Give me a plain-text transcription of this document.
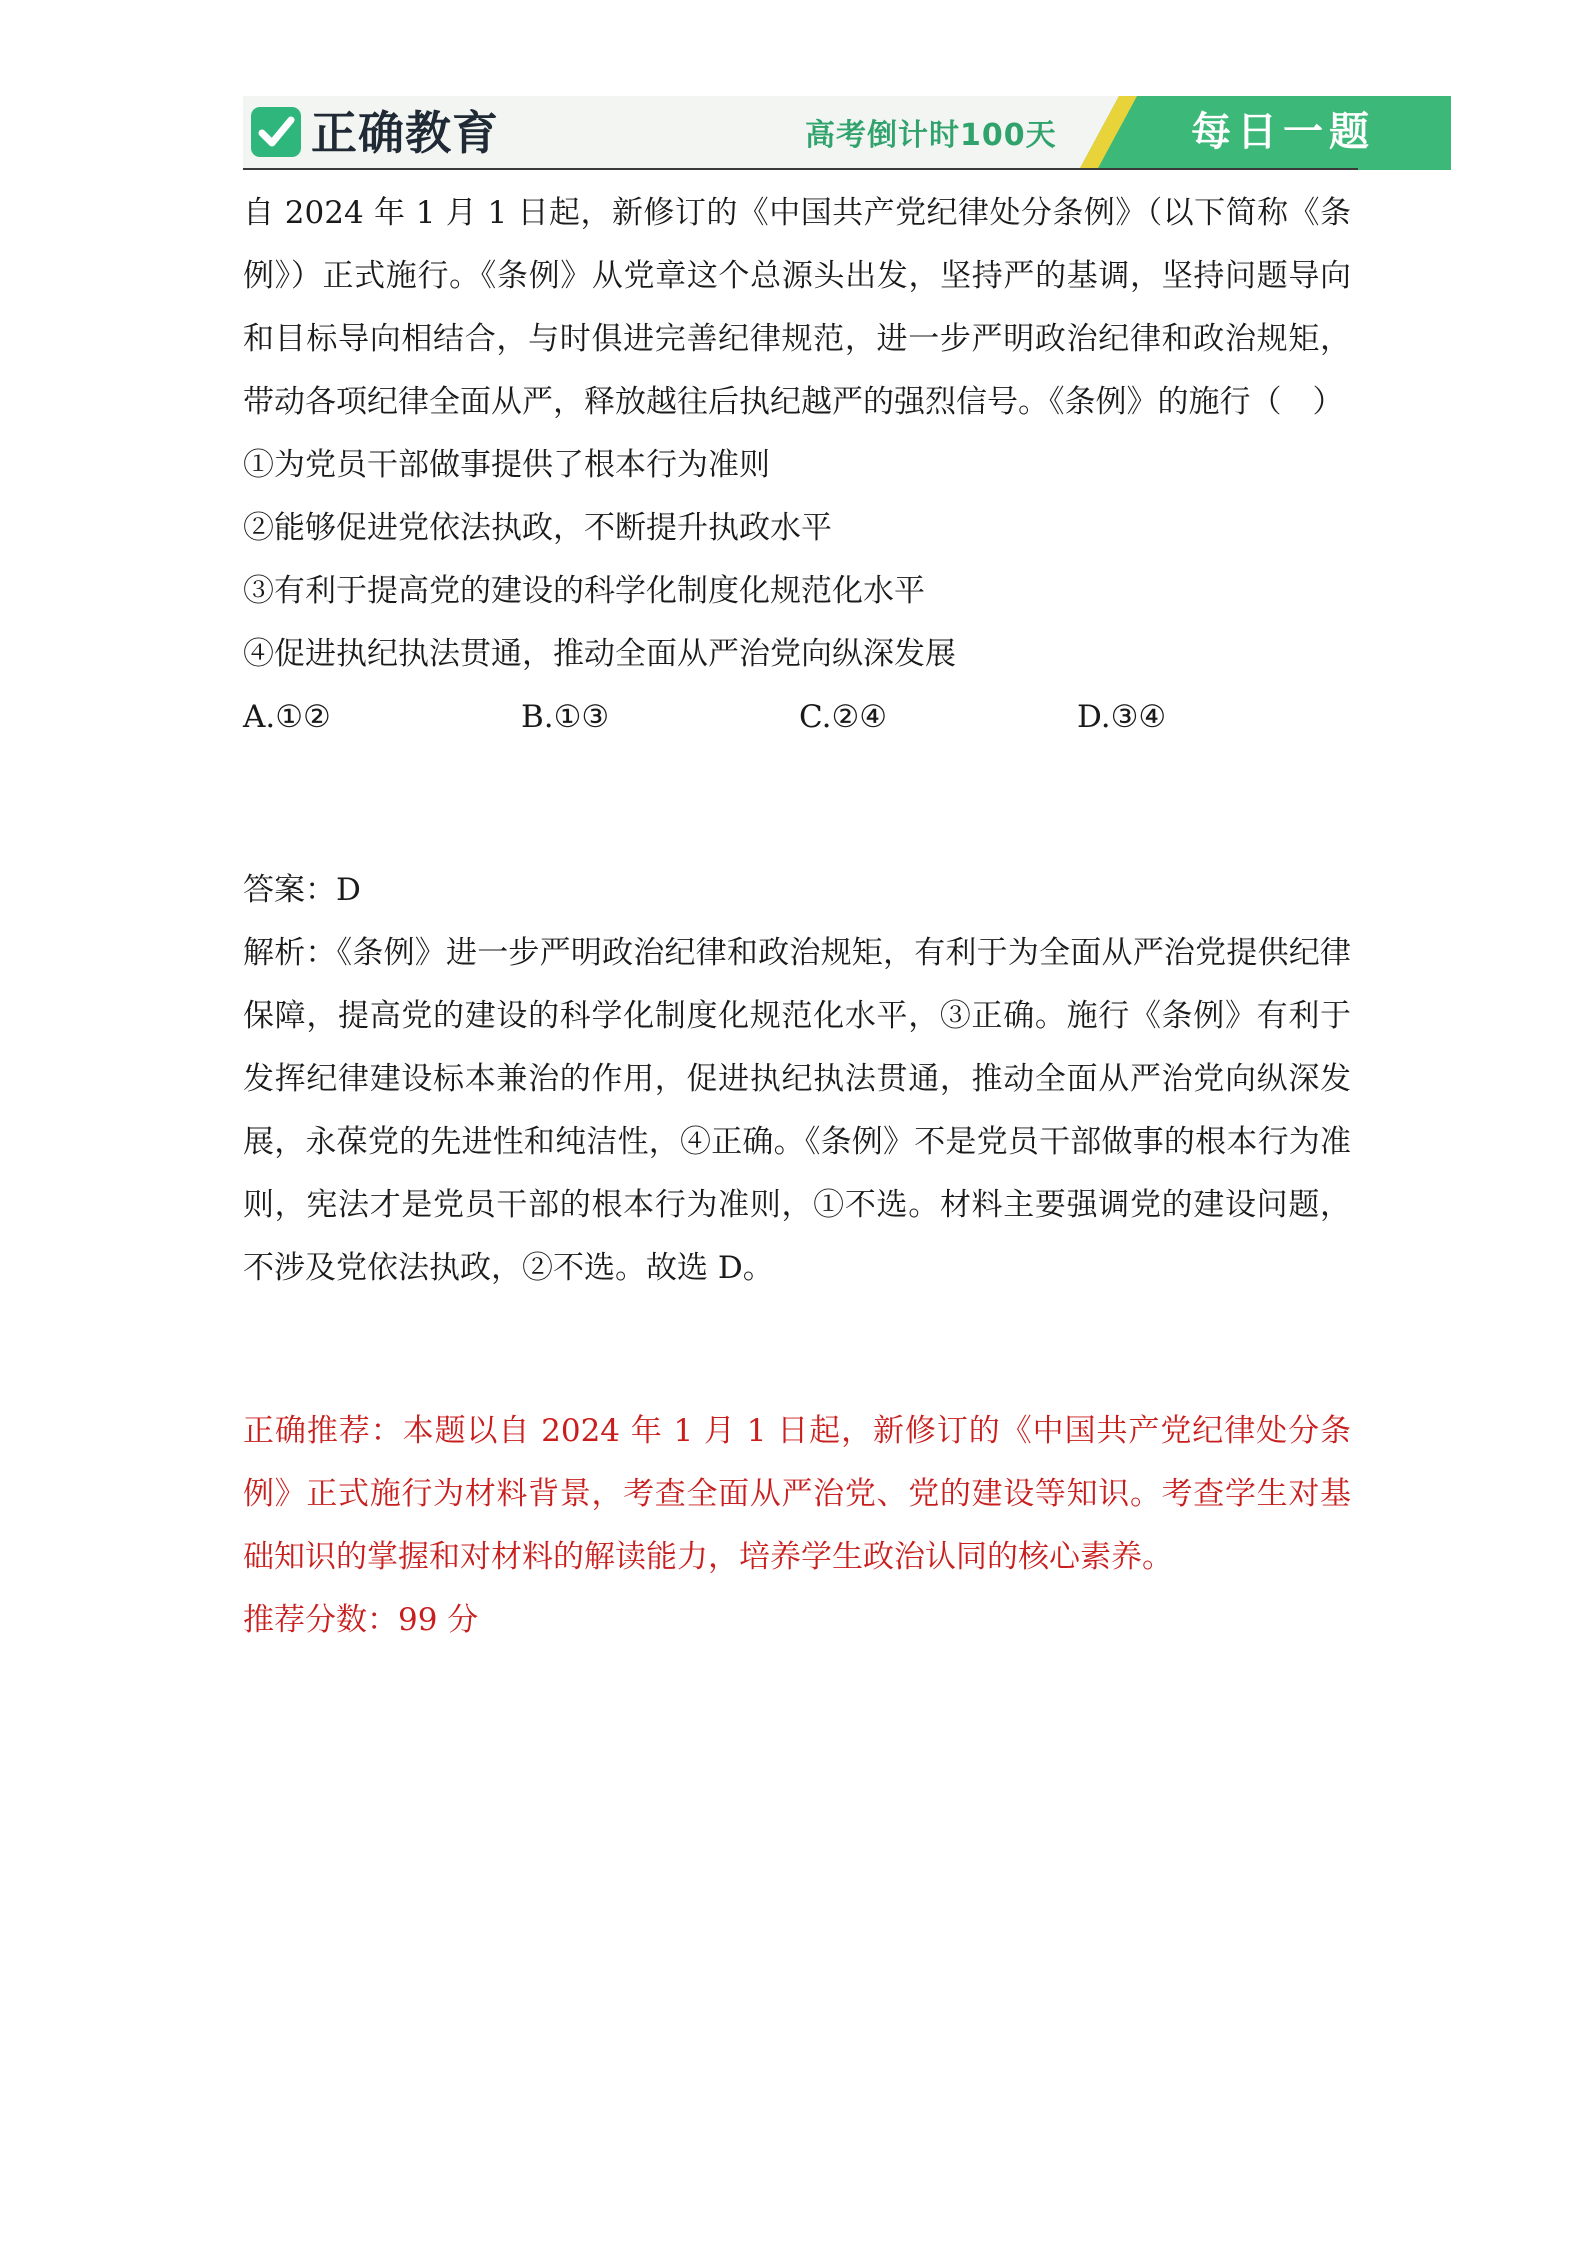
正确教育	高考倒计时100天	每日一题

自 2024 年 1 月 1 日起，新修订的《中国共产党纪律处分条例》（以下简称《条例》）正式施行。《条例》从党章这个总源头出发，坚持严的基调，坚持问题导向和目标导向相结合，与时俱进完善纪律规范，进一步严明政治纪律和政治规矩，带动各项纪律全面从严，释放越往后执纪越严的强烈信号。《条例》的施行（　）

①为党员干部做事提供了根本行为准则

②能够促进党依法执政，不断提升执政水平

③有利于提高党的建设的科学化制度化规范化水平

④促进执纪执法贯通，推动全面从严治党向纵深发展

A.①②	B.①③	C.②④	D.③④

答案：D

解析：《条例》进一步严明政治纪律和政治规矩，有利于为全面从严治党提供纪律保障，提高党的建设的科学化制度化规范化水平，③正确。施行《条例》有利于发挥纪律建设标本兼治的作用，促进执纪执法贯通，推动全面从严治党向纵深发展，永葆党的先进性和纯洁性，④正确。《条例》不是党员干部做事的根本行为准则，宪法才是党员干部的根本行为准则，①不选。材料主要强调党的建设问题，不涉及党依法执政，②不选。故选 D。

正确推荐：本题以自 2024 年 1 月 1 日起，新修订的《中国共产党纪律处分条例》正式施行为材料背景，考查全面从严治党、党的建设等知识。考查学生对基础知识的掌握和对材料的解读能力，培养学生政治认同的核心素养。

推荐分数：99 分
